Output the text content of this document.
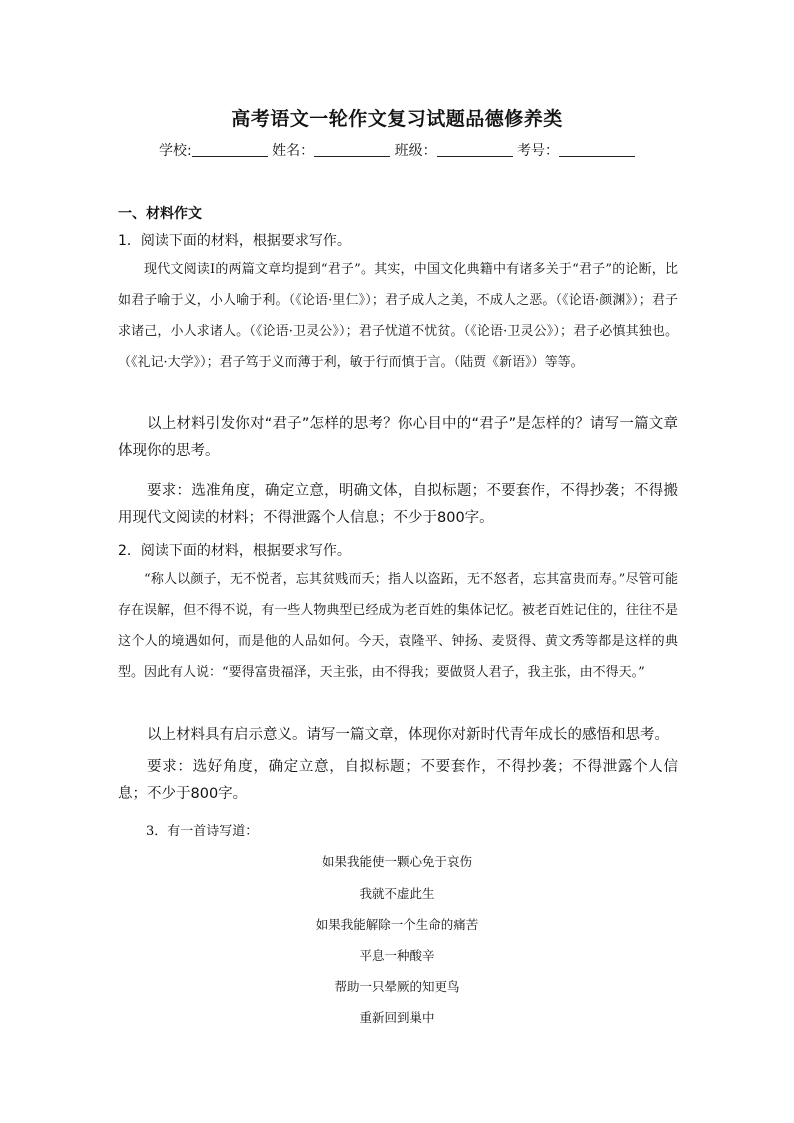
高考语文一轮作文复习试题品德修养类
学校:	姓名：	班级：	考号：
一、材料作文
1．阅读下面的材料，根据要求写作。
现代文阅读Ⅰ的两篇文章均提到“君子”。其实，中国文化典籍中有诸多关于“君子”的论断，比如君子喻于义，小人喻于利。（《论语·里仁》）；君子成人之美，不成人之恶。（《论语·颜渊》）；君子求诸己，小人求诸人。（《论语·卫灵公》）；君子忧道不忧贫。（《论语·卫灵公》）；君子必慎其独也。（《礼记·大学》）；君子笃于义而薄于利，敏于行而慎于言。（陆贾《新语》）等等。
以上材料引发你对“君子”怎样的思考？你心目中的“君子”是怎样的？请写一篇文章体现你的思考。
要求：选准角度，确定立意，明确文体，自拟标题；不要套作，不得抄袭；不得搬用现代文阅读的材料；不得泄露个人信息；不少于800字。
2．阅读下面的材料，根据要求写作。
“称人以颜子，无不悦者，忘其贫贱而夭；指人以盗跖，无不怒者，忘其富贵而寿。”尽管可能存在误解，但不得不说，有一些人物典型已经成为老百姓的集体记忆。被老百姓记住的，往往不是这个人的境遇如何，而是他的人品如何。今天，袁隆平、钟扬、麦贤得、黄文秀等都是这样的典型。因此有人说：“要得富贵福泽，天主张，由不得我；要做贤人君子，我主张，由不得天。”
以上材料具有启示意义。请写一篇文章，体现你对新时代青年成长的感悟和思考。
要求：选好角度，确定立意，自拟标题；不要套作，不得抄袭；不得泄露个人信息；不少于800字。
3．有一首诗写道：
如果我能使一颗心免于哀伤
我就不虚此生
如果我能解除一个生命的痛苦
平息一种酸辛
帮助一只晕厥的知更鸟
重新回到巢中
